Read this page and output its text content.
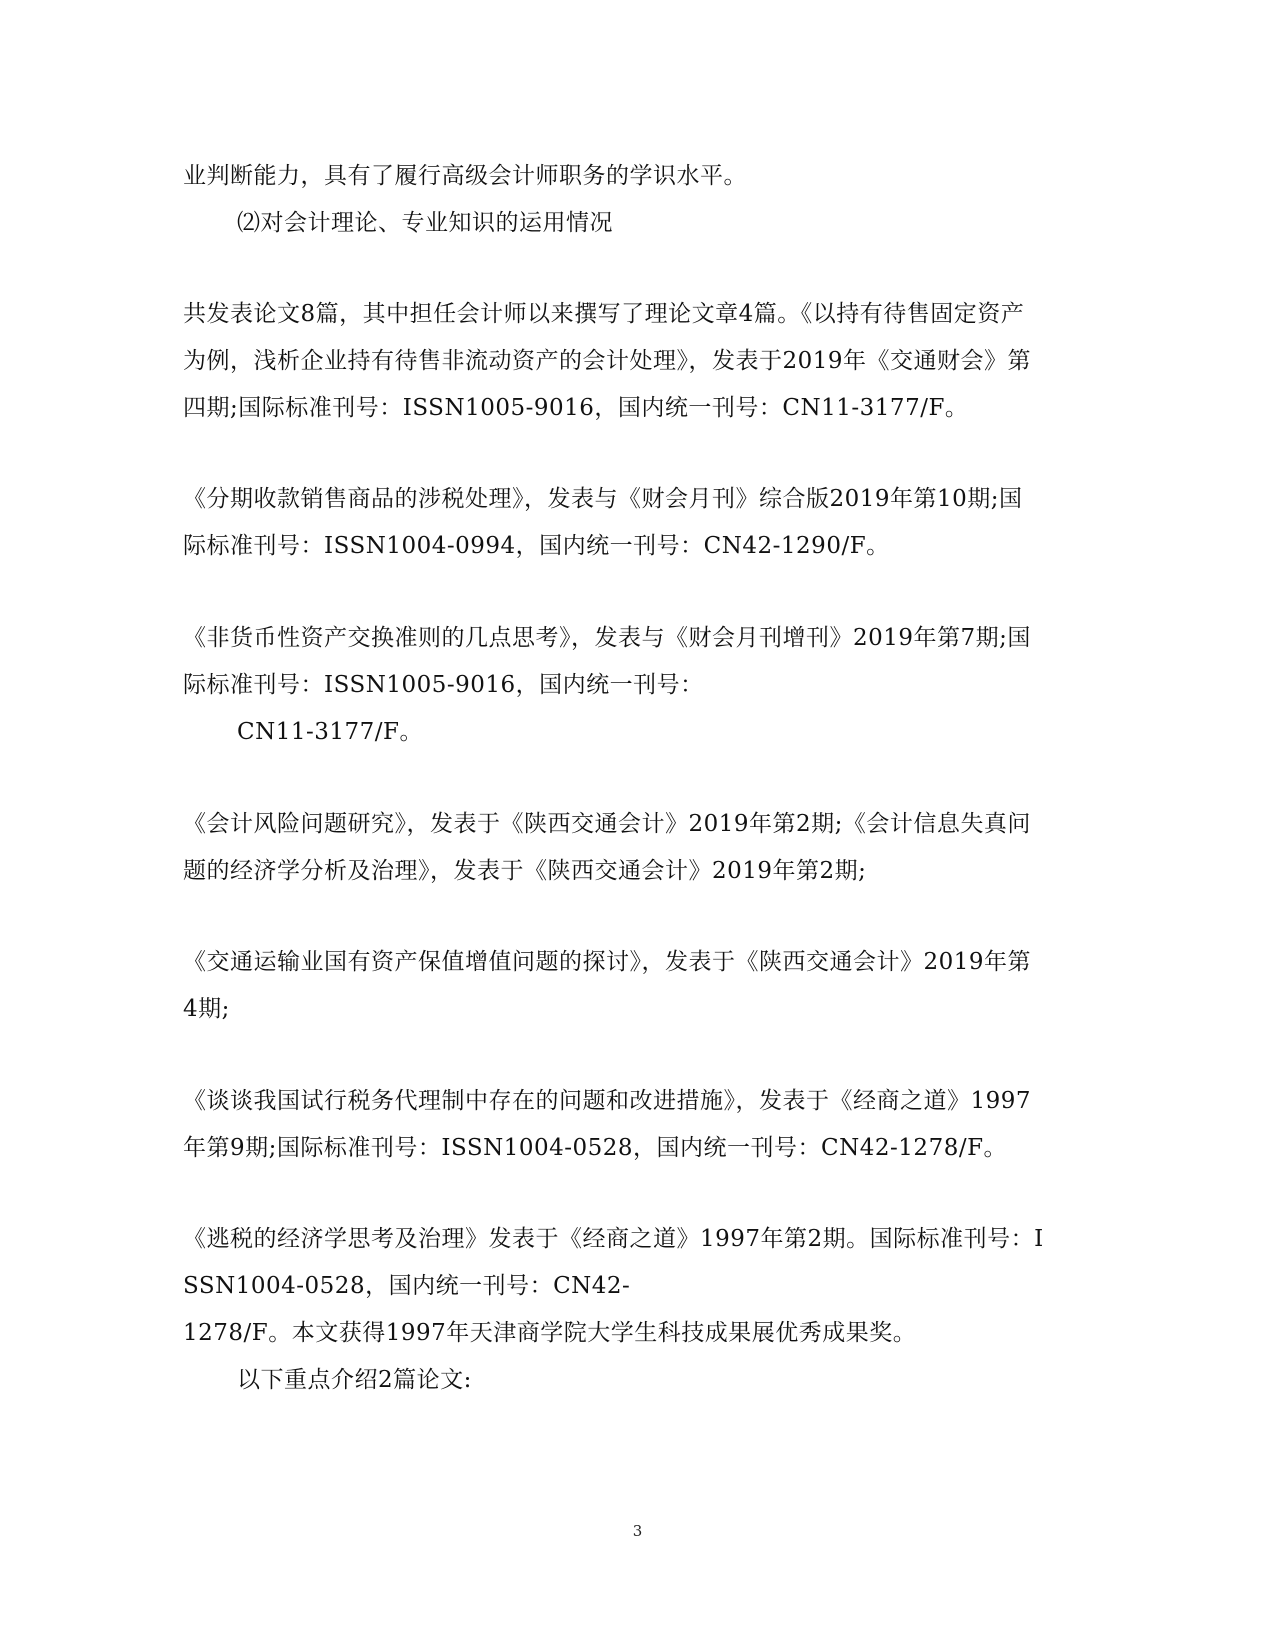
业判断能力，具有了履行高级会计师职务的学识水平。
⑵对会计理论、专业知识的运用情况
共发表论文8篇，其中担任会计师以来撰写了理论文章4篇。《以持有待售固定资产
为例，浅析企业持有待售非流动资产的会计处理》，发表于2019年《交通财会》第
四期;国际标准刊号：ISSN1005-9016，国内统一刊号：CN11-3177/F。
《分期收款销售商品的涉税处理》，发表与《财会月刊》综合版2019年第10期;国
际标准刊号：ISSN1004-0994，国内统一刊号：CN42-1290/F。
《非货币性资产交换准则的几点思考》，发表与《财会月刊增刊》2019年第7期;国
际标准刊号：ISSN1005-9016，国内统一刊号：
CN11-3177/F。
《会计风险问题研究》，发表于《陕西交通会计》2019年第2期;《会计信息失真问
题的经济学分析及治理》，发表于《陕西交通会计》2019年第2期;
《交通运输业国有资产保值增值问题的探讨》，发表于《陕西交通会计》2019年第
4期;
《谈谈我国试行税务代理制中存在的问题和改进措施》，发表于《经商之道》1997
年第9期;国际标准刊号：ISSN1004-0528，国内统一刊号：CN42-1278/F。
《逃税的经济学思考及治理》发表于《经商之道》1997年第2期。国际标准刊号：I
SSN1004-0528，国内统一刊号：CN42-
1278/F。本文获得1997年天津商学院大学生科技成果展优秀成果奖。
以下重点介绍2篇论文:
3
